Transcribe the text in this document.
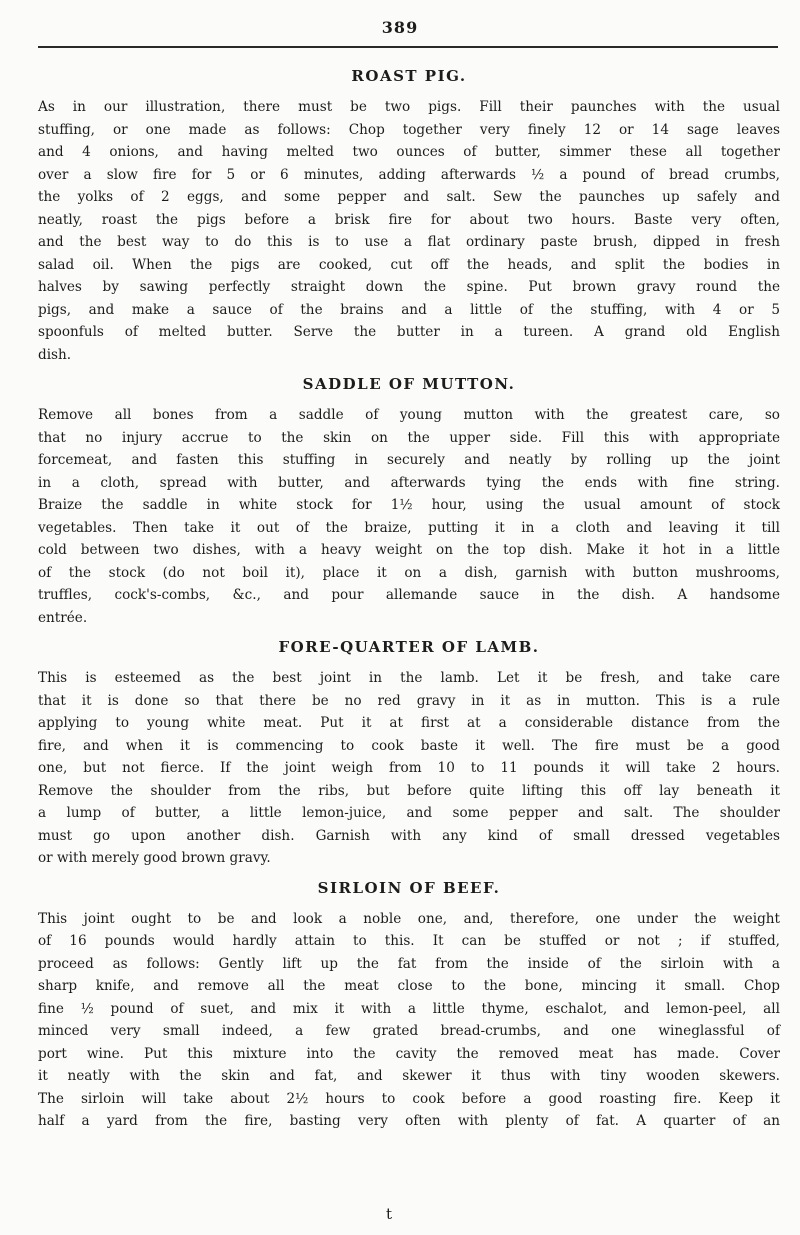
389
ROAST PIG.
As in our illustration, there must be two pigs. Fill their paunches with the usual
stuffing, or one made as follows: Chop together very finely 12 or 14 sage leaves
and 4 onions, and having melted two ounces of butter, simmer these all together
over a slow fire for 5 or 6 minutes, adding afterwards ½ a pound of bread crumbs,
the yolks of 2 eggs, and some pepper and salt. Sew the paunches up safely and
neatly, roast the pigs before a brisk fire for about two hours. Baste very often,
and the best way to do this is to use a flat ordinary paste brush, dipped in fresh
salad oil. When the pigs are cooked, cut off the heads, and split the bodies in
halves by sawing perfectly straight down the spine. Put brown gravy round the
pigs, and make a sauce of the brains and a little of the stuffing, with 4 or 5
spoonfuls of melted butter. Serve the butter in a tureen. A grand old English
dish.
SADDLE OF MUTTON.
Remove all bones from a saddle of young mutton with the greatest care, so
that no injury accrue to the skin on the upper side. Fill this with appropriate
forcemeat, and fasten this stuffing in securely and neatly by rolling up the joint
in a cloth, spread with butter, and afterwards tying the ends with fine string.
Braize the saddle in white stock for 1½ hour, using the usual amount of stock
vegetables. Then take it out of the braize, putting it in a cloth and leaving it till
cold between two dishes, with a heavy weight on the top dish. Make it hot in a little
of the stock (do not boil it), place it on a dish, garnish with button mushrooms,
truffles, cock's-combs, &c., and pour allemande sauce in the dish. A handsome
entrée.
FORE-QUARTER OF LAMB.
This is esteemed as the best joint in the lamb. Let it be fresh, and take care
that it is done so that there be no red gravy in it as in mutton. This is a rule
applying to young white meat. Put it at first at a considerable distance from the
fire, and when it is commencing to cook baste it well. The fire must be a good
one, but not fierce. If the joint weigh from 10 to 11 pounds it will take 2 hours.
Remove the shoulder from the ribs, but before quite lifting this off lay beneath it
a lump of butter, a little lemon-juice, and some pepper and salt. The shoulder
must go upon another dish. Garnish with any kind of small dressed vegetables
or with merely good brown gravy.
SIRLOIN OF BEEF.
This joint ought to be and look a noble one, and, therefore, one under the weight
of 16 pounds would hardly attain to this. It can be stuffed or not ; if stuffed,
proceed as follows: Gently lift up the fat from the inside of the sirloin with a
sharp knife, and remove all the meat close to the bone, mincing it small. Chop
fine ½ pound of suet, and mix it with a little thyme, eschalot, and lemon-peel, all
minced very small indeed, a few grated bread-crumbs, and one wineglassful of
port wine. Put this mixture into the cavity the removed meat has made. Cover
it neatly with the skin and fat, and skewer it thus with tiny wooden skewers.
The sirloin will take about 2½ hours to cook before a good roasting fire. Keep it
half a yard from the fire, basting very often with plenty of fat. A quarter of an
t
